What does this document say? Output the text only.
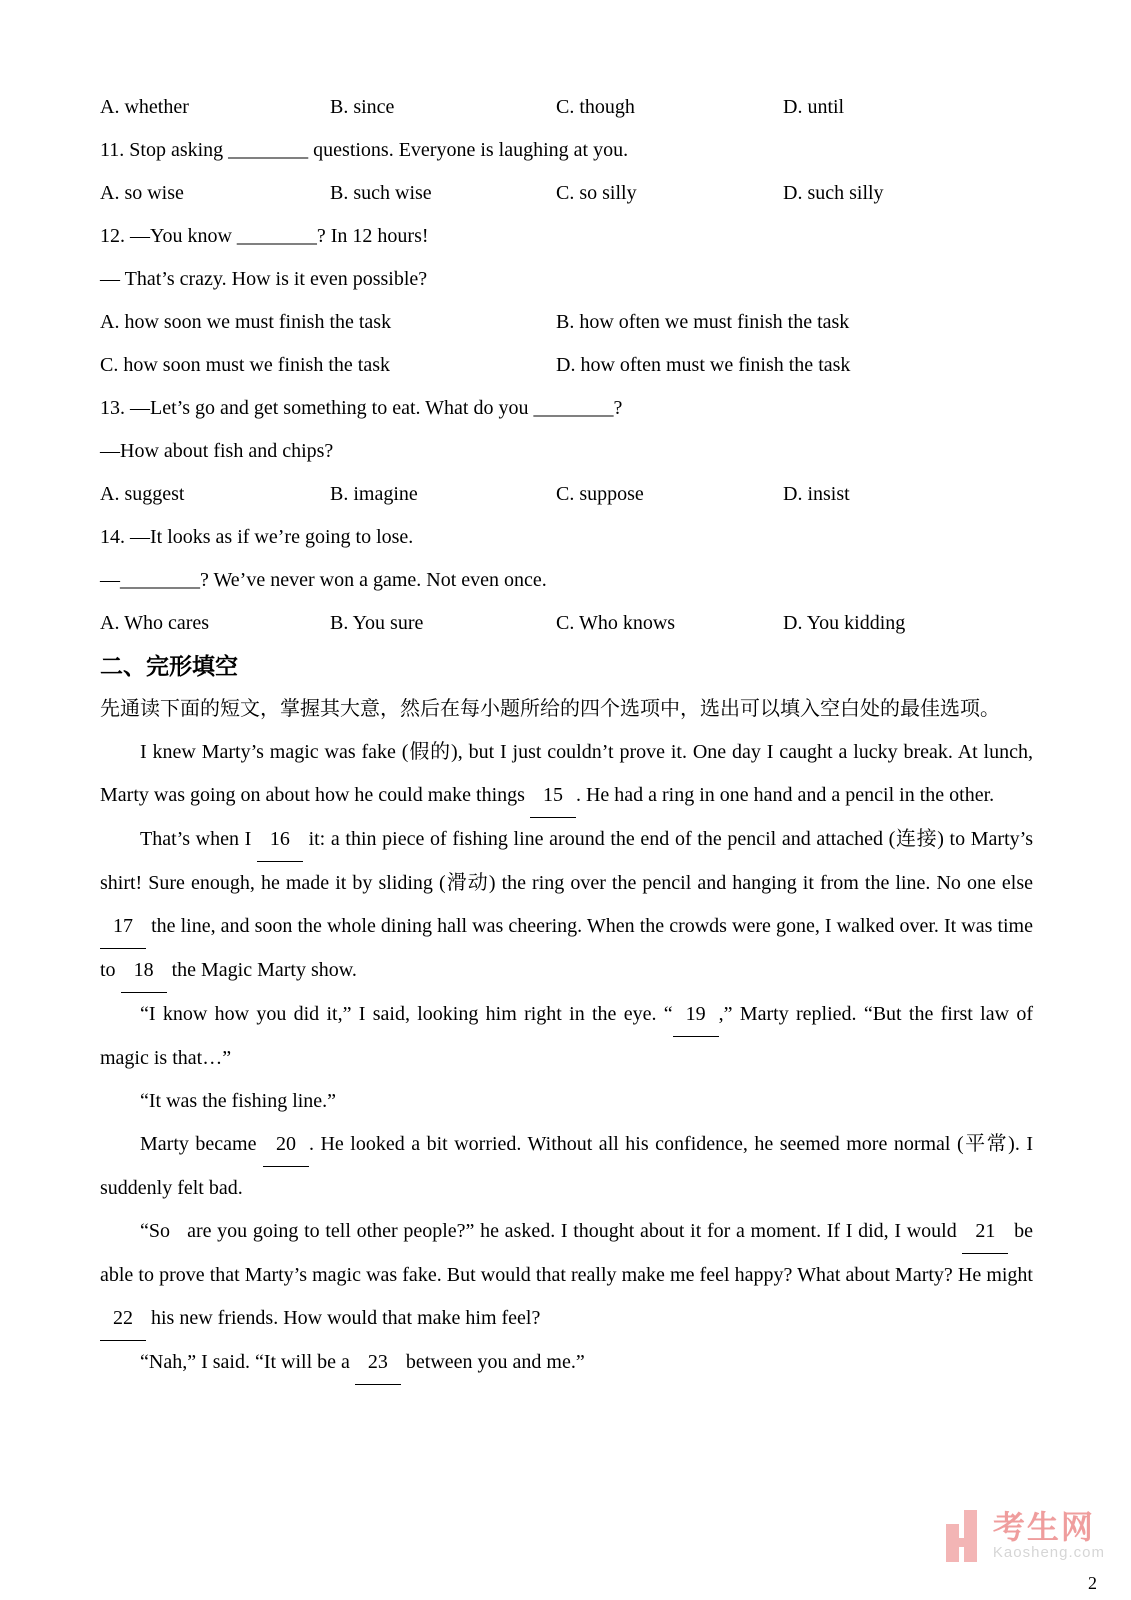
A. whether	B. since	C. though	D. until

11. Stop asking ________ questions. Everyone is laughing at you.

A. so wise	B. such wise	C. so silly	D. such silly

12. —You know ________? In 12 hours!

— That’s crazy. How is it even possible?

A. how soon we must finish the task	B. how often we must finish the task
C. how soon must we finish the task	D. how often must we finish the task

13. —Let’s go and get something to eat. What do you ________?

—How about fish and chips?

A. suggest	B. imagine	C. suppose	D. insist

14. —It looks as if we’re going to lose.

—________? We’ve never won a game. Not even once.

A. Who cares	B. You sure	C. Who knows	D. You kidding
二、完形填空

先通读下面的短文，掌握其大意，然后在每小题所给的四个选项中，选出可以填入空白处的最佳选项。

I knew Marty’s magic was fake (假的), but I just couldn’t prove it. One day I caught a lucky break. At lunch, Marty was going on about how he could make things 15 . He had a ring in one hand and a pencil in the other.

That’s when I 16 it: a thin piece of fishing line around the end of the pencil and attached (连接) to Marty’s shirt! Sure enough, he made it by sliding (滑动) the ring over the pencil and hanging it from the line. No one else 17 the line, and soon the whole dining hall was cheering. When the crowds were gone, I walked over. It was time to 18 the Magic Marty show.

“I know how you did it,” I said, looking him right in the eye. “ 19 ,” Marty replied. “But the first law of magic is that…”

“It was the fishing line.”

Marty became 20 . He looked a bit worried. Without all his confidence, he seemed more normal (平常). I suddenly felt bad.

“So   are you going to tell other people?” he asked. I thought about it for a moment. If I did, I would 21 be able to prove that Marty’s magic was fake. But would that really make me feel happy? What about Marty? He might 22 his new friends. How would that make him feel?

“Nah,” I said. “It will be a 23 between you and me.”

考生网
Kaosheng.com
2
